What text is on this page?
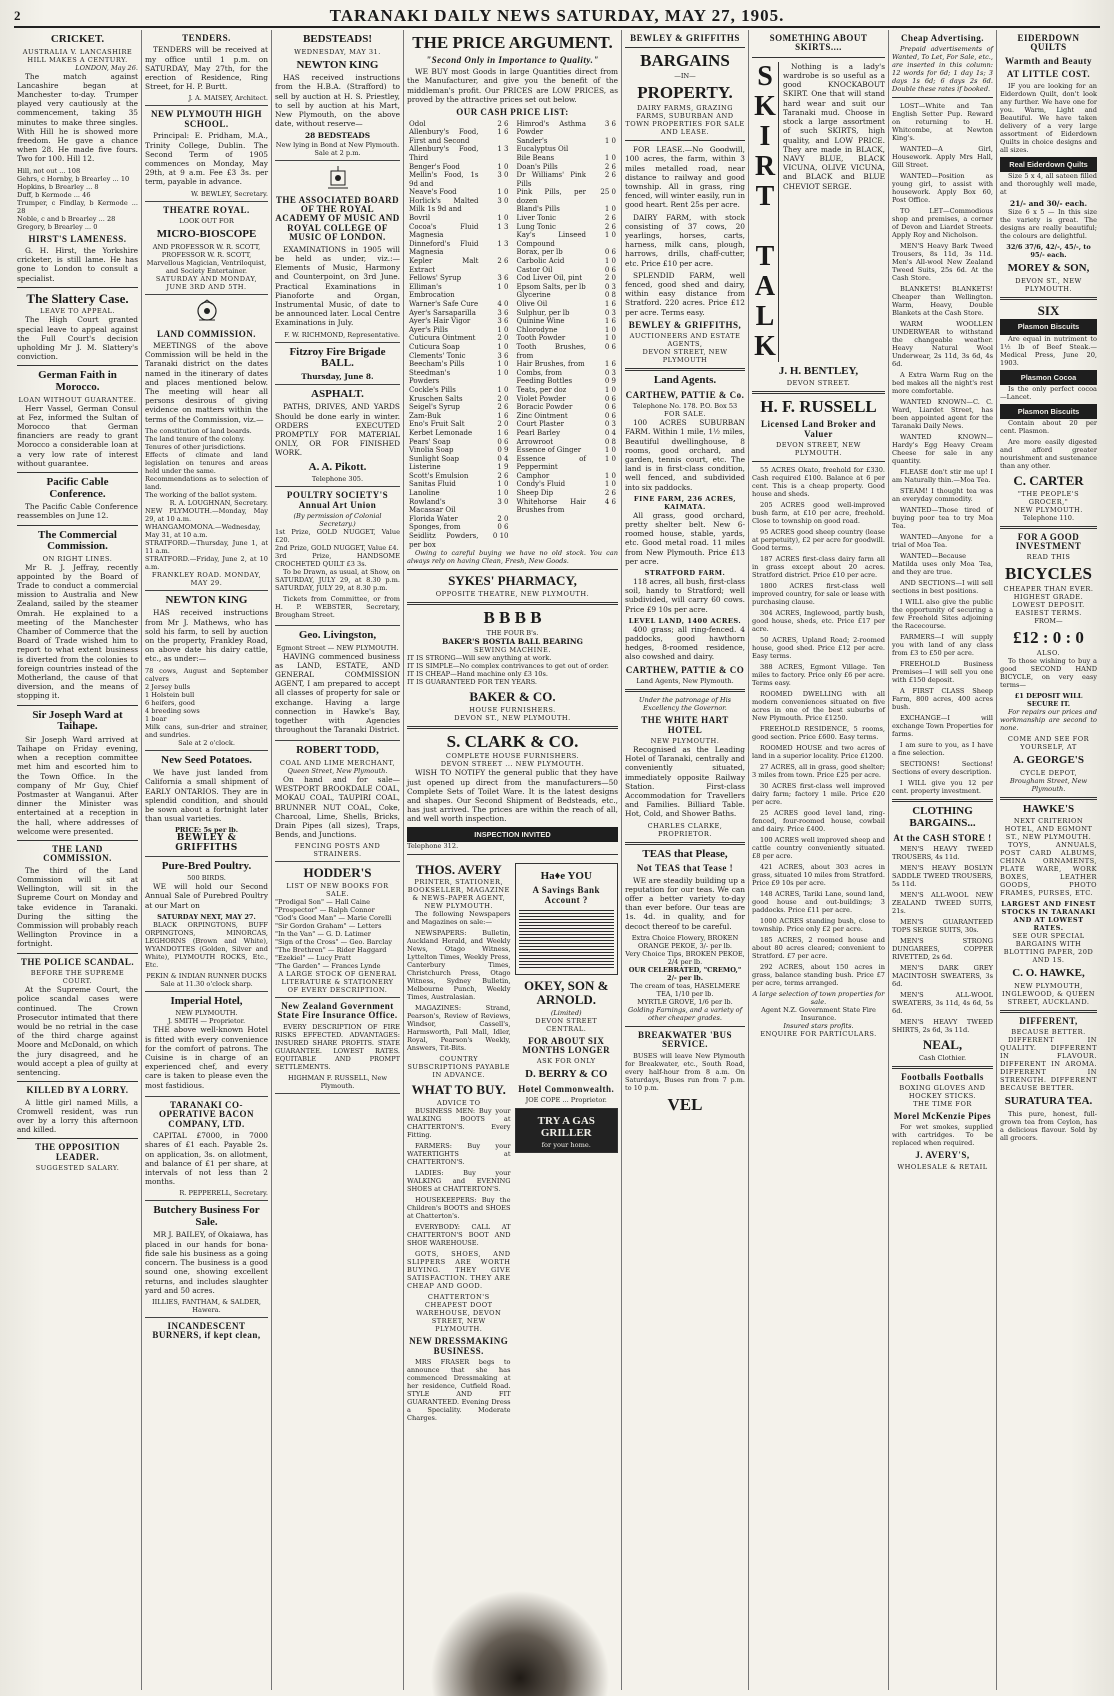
2	TARANAKI DAILY NEWS SATURDAY, MAY 27, 1905.
CRICKET.
AUSTRALIA V. LANCASHIRE
HILL MAKES A CENTURY.
LONDON, May 26.

The match against Lancashire began at Manchester to-day. Trumper played very cautiously at the commencement, taking 35 minutes to make three singles. With Hill he is showed more freedom. He gave a chance when 28. He made five fours. Two for 100. Hill 12.

Hill, not out ... 108
Gehrs, c Hornby, b Brearley ... 10
Hopkins, b Brearley ... 8
Duff, b Kermode ... 46
Trumper, c Findlay, b Kermode ... 28
Noble, c and b Brearley ... 28
Gregory, b Brearley ... 0
HIRST'S LAMENESS.

G. H. Hirst, the Yorkshire cricketer, is still lame. He has gone to London to consult a specialist.

The Slattery Case.
LEAVE TO APPEAL.

The High Court granted special leave to appeal against the Full Court's decision upholding Mr J. M. Slattery's conviction.

German Faith in Morocco.
LOAN WITHOUT GUARANTEE.

Herr Vassel, German Consul at Fez, informed the Sultan of Morocco that German financiers are ready to grant Morocco a considerable loan at a very low rate of interest without guarantee.

Pacific Cable Conference.

The Pacific Cable Conference reassembles on June 12.

The Commercial Commission.
ON RIGHT LINES.

Mr R. J. Jeffray, recently appointed by the Board of Trade to conduct a commercial mission to Australia and New Zealand, sailed by the steamer Omrah. He explained to a meeting of the Manchester Chamber of Commerce that the Board of Trade wished him to report to what extent business is diverted from the colonies to foreign countries instead of the Motherland, the cause of that diversion, and the means of stopping it.

Sir Joseph Ward at Taihape.

Sir Joseph Ward arrived at Taihape on Friday evening, when a reception committee met him and escorted him to the Town Office. In the company of Mr Guy, Chief Postmaster at Wanganui. After dinner the Minister was entertained at a reception in the hall, where addresses of welcome were presented.

THE LAND COMMISSION.

The third of the Land Commission will sit at Wellington, will sit in the Supreme Court on Monday and take evidence in Taranaki. During the sitting the Commission will probably reach Wellington Province in a fortnight.

THE POLICE SCANDAL.
BEFORE THE SUPREME COURT.

At the Supreme Court, the police scandal cases were continued. The Crown Prosecutor intimated that there would be no retrial in the case of the third charge against Moore and McDonald, on which the jury disagreed, and he would accept a plea of guilty at sentencing.

KILLED BY A LORRY.

A little girl named Mills, a Cromwell resident, was run over by a lorry this afternoon and killed.

THE OPPOSITION LEADER.
SUGGESTED SALARY.
TENDERS.

TENDERS will be received at my office until 1 p.m. on SATURDAY, May 27th, for the erection of Residence, Ring Street, for H. P. Burtt.

J. A. MAISEY, Architect.
NEW PLYMOUTH HIGH SCHOOL.

Principal: E. Pridham, M.A., Trinity College, Dublin. The Second Term of 1905 commences on Monday, May 29th, at 9 a.m. Fee £3 3s. per term, payable in advance.

W. BEWLEY, Secretary.
THEATRE ROYAL.
LOOK OUT FOR
MICRO-BIOSCOPE
AND PROFESSOR W. R. SCOTT, PROFESSOR W. R. SCOTT, Marvellous Magician, Ventriloquist, and Society Entertainer.
SATURDAY AND MONDAY, JUNE 3RD AND 5TH.
LAND COMMISSION.

MEETINGS of the above Commission will be held in the Taranaki district on the dates named in the itinerary of dates and places mentioned below. The meeting will hear all persons desirous of giving evidence on matters within the terms of the Commission, viz.—

The constitution of land boards.
The land tenure of the colony.
Tenures of other jurisdictions.
Effects of climate and land legislation on tenures and areas held under the same.
Recommendations as to selection of land.
The working of the ballot system.
R. A. LOUGHNAN, Secretary.
NEW PLYMOUTH.—Monday, May 29, at 10 a.m.
WHANGAMOMONA.—Wednesday, May 31, at 10 a.m.
STRATFORD.—Thursday, June 1, at 11 a.m.
STRATFORD.—Friday, June 2, at 10 a.m.
FRANKLEY ROAD. MONDAY, MAY 29.
NEWTON KING

HAS received instructions from Mr J. Mathews, who has sold his farm, to sell by auction on the property, Frankley Road, on above date his dairy cattle, etc., as under:—

78 cows, August and September calvers
2 Jersey bulls
1 Holstein bull
6 heifers, good
4 breeding sows
1 boar
Milk cans, sun-drier and strainer, and sundries.
Sale at 2 o'clock.
New Seed Potatoes.

We have just landed from California a small shipment of EARLY ONTARIOS. They are in splendid condition, and should be sown about a fortnight later than usual varieties.

PRICE: 5s per lb.
BEWLEY & GRIFFITHS
Pure-Bred Poultry.
500 BIRDS.

WE will hold our Second Annual Sale of Purebred Poultry at our Mart on

SATURDAY NEXT, MAY 27.

BLACK ORPINGTONS, BUFF ORPINGTONS, MINORCAS, LEGHORNS (Brown and White), WYANDOTTES (Golden, Silver and White), PLYMOUTH ROCKS, Etc., Etc.

PEKIN & INDIAN RUNNER DUCKS
Sale at 11.30 o'clock sharp.
Imperial Hotel,
NEW PLYMOUTH.
J. SMITH — Proprietor.

THE above well-known Hotel is fitted with every convenience for the comfort of patrons. The Cuisine is in charge of an experienced chef, and every care is taken to please even the most fastidious.

TARANAKI CO-OPERATIVE BACON COMPANY, LTD.

CAPITAL £7000, in 7000 shares of £1 each. Payable 2s. on application, 3s. on allotment, and balance of £1 per share, at intervals of not less than 2 months.

R. PEPPERELL, Secretary.
Butchery Business For Sale.

MR J. BAILEY, of Okaiawa, has placed in our hands for bona-fide sale his business as a going concern. The business is a good sound one, showing excellent returns, and includes slaughter yard and 50 acres.

IILLIES, FANTHAM, & SALDER, Hawera.
INCANDESCENT BURNERS, if kept clean,
BEDSTEADS!
WEDNESDAY, MAY 31.
NEWTON KING

HAS received instructions from the H.B.A. (Strafford) to sell by auction at H. S. Priestley, to sell by auction at his Mart, New Plymouth, on the above date, without reserve—

28 BEDSTEADS
New lying in Bond at New Plymouth.
Sale at 2 p.m.
THE ASSOCIATED BOARD OF THE ROYAL ACADEMY OF MUSIC AND ROYAL COLLEGE OF MUSIC OF LONDON.

EXAMINATIONS in 1905 will be held as under, viz.:— Elements of Music, Harmony and Counterpoint, on 3rd June. Practical Examinations in Pianoforte and Organ, Instrumental Music, of date to be announced later. Local Centre Examinations in July.

F. W. RICHMOND, Representative.
Fitzroy Fire Brigade BALL.
Thursday, June 8.
ASPHALT.

PATHS, DRIVES, AND YARDS Should be done early in winter. ORDERS EXECUTED PROMPTLY FOR MATERIAL ONLY, OR FOR FINISHED WORK.

A. A. Pikott.
Telephone 305.
POULTRY SOCIETY'S Annual Art Union
(By permission of Colonial Secretary.)
1st Prize, GOLD NUGGET, Value £20.
2nd Prize, GOLD NUGGET, Value £4.
3rd Prize, HANDSOME CROCHETED QUILT £3 3s.

To be Drawn, as usual, at Show, on SATURDAY, JULY 29, at 8.30 p.m. SATURDAY, JULY 29, at 8.30 p.m.

Tickets from Committee, or from H. P. WEBSTER, Secretary, Brougham Street.

Geo. Livingston,
Egmont Street — NEW PLYMOUTH.

HAVING commenced business as LAND, ESTATE, AND GENERAL COMMISSION AGENT, I am prepared to accept all classes of property for sale or exchange. Having a large connection in Hawke's Bay, together with Agencies throughout the Taranaki District.

ROBERT TODD,
COAL AND LIME MERCHANT,
Queen Street, New Plymouth.

On hand and for sale— WESTPORT BROOKDALE COAL, MOKAU COAL, TAUPIRI COAL, BRUNNER NUT COAL, Coke, Charcoal, Lime, Shells, Bricks, Drain Pipes (all sizes), Traps, Bends, and Junctions.

FENCING POSTS AND STRAINERS.
HODDER'S
LIST OF NEW BOOKS FOR SALE.
"Prodigal Son" — Hall Caine
"Prospector" — Ralph Connor
"God's Good Man" — Marie Corelli
"Sir Gordon Graham" — Letters
"In the Van" — G. D. Latimer
"Sign of the Cross" — Geo. Barclay
"The Brethren" — Rider Haggard
"Ezekiel" — Lucy Pratt
"The Garden" — Frances Lynde
A LARGE STOCK OF GENERAL LITERATURE & STATIONERY OF EVERY DESCRIPTION.
New Zealand Government State Fire Insurance Office.

EVERY DESCRIPTION OF FIRE RISKS EFFECTED. ADVANTAGES: INSURED SHARE PROFITS. STATE GUARANTEE. LOWEST RATES. EQUITABLE AND PROMPT SETTLEMENTS.

HIGHMAN F. RUSSELL, New Plymouth.
THE PRICE ARGUMENT.
"Second Only in Importance to Quality."

WE BUY most Goods in large Quantities direct from the Manufacturer, and give you the benefit of the middleman's profit. Our PRICES are LOW PRICES, as proved by the attractive prices set out below.

OUR CASH PRICE LIST:
Odol	2 6
Allenbury's Food, First and Second	1 6
Allenbury's Food, Third	1 3
Benger's Food	1 0
Mellin's Food, 1s 9d and	3 0
Neave's Food	1 0
Horlick's Malted Milk 1s 9d and	3 0
Bovril	1 0
Cocoa's Fluid Magnesia	1 3
Dinneford's Fluid Magnesia	1 3
Kepler Malt Extract	2 6
Fellows' Syrup	3 6
Elliman's Embrocation	1 0
Warner's Safe Cure	4 0
Ayer's Sarsaparilla	3 6
Ayer's Hair Vigor	3 6
Ayer's Pills	1 0
Cuticura Ointment	2 0
Cuticura Soap	1 0
Clements' Tonic	3 6
Beecham's Pills	1 0
Steedman's Powders	1 0
Cockle's Pills	1 0
Kruschen Salts	2 0
Seigel's Syrup	2 6
Zam-Buk	1 6
Eno's Fruit Salt	2 0
Kerbet Lemonade	1 6
Pears' Soap	0 6
Vinolia Soap	0 9
Sunlight Soap	0 4
Listerine	1 9
Scott's Emulsion	2 6
Sanitas Fluid	1 0
Lanoline	1 0
Rowland's Macassar Oil	3 0
Florida Water	2 0
Sponges, from	0 6
Seidlitz Powders, per box	0 10
Himrod's Asthma Powder	3 6
Sander's Eucalyptus Oil	1 0
Bile Beans	1 0
Doan's Pills	2 6
Dr Williams' Pink Pills	2 6
Pink Pills, per dozen	25 0
Bland's Pills	1 0
Liver Tonic	2 6
Lung Tonic	2 6
Kay's Linseed Compound	1 0
Borax, per lb	0 6
Carbolic Acid	1 0
Castor Oil	0 6
Cod Liver Oil, pint	2 0
Epsom Salts, per lb	0 3
Glycerine	0 8
Olive Oil	1 6
Sulphur, per lb	0 3
Quinine Wine	1 6
Chlorodyne	1 0
Tooth Powder	1 0
Tooth Brushes, from	0 6
Hair Brushes, from	1 6
Combs, from	0 3
Feeding Bottles	0 9
Teats, per doz	1 0
Violet Powder	0 6
Boracic Powder	0 6
Zinc Ointment	0 6
Court Plaster	0 3
Pearl Barley	0 4
Arrowroot	0 8
Essence of Ginger	1 0
Essence of Peppermint	1 0
Camphor	1 0
Condy's Fluid	1 0
Sheep Dip	2 6
Whitehorse Hair Brushes from	4 6

Owing to careful buying we have no old stock. You can always rely on having Clean, Fresh, New Goods.

SYKES' PHARMACY,
OPPOSITE THEATRE, NEW PLYMOUTH.
B B B B
THE FOUR B's.
BAKER'S BOSTIA BALL BEARING
SEWING MACHINE.
IT IS STRONG—Will sew anything at work.
IT IS SIMPLE—No complex contrivances to get out of order.
IT IS CHEAP—Hand machine only £3 10s.
IT IS GUARANTEED FOR TEN YEARS.
BAKER & CO.
HOUSE FURNISHERS.
DEVON ST., NEW PLYMOUTH.
S. CLARK & CO.
COMPLETE HOUSE FURNISHERS.
DEVON STREET ... NEW PLYMOUTH.

WISH TO NOTIFY the general public that they have just opened up direct from the manufacturers—50 Complete Sets of Toilet Ware. It is the latest designs and shapes. Our Second Shipment of Bedsteads, etc., has just arrived. The prices are within the reach of all, and well worth inspection.

INSPECTION INVITED
Telephone 312.
THOS. AVERY
PRINTER, STATIONER, BOOKSELLER, MAGAZINE & NEWS-PAPER AGENT,
NEW PLYMOUTH.

The following Newspapers and Magazines on sale:—

NEWSPAPERS: Bulletin, Auckland Herald, and Weekly News, Otago Witness, Lyttelton Times, Weekly Press, Canterbury Times, Christchurch Press, Otago Witness, Sydney Bulletin, Melbourne Punch, Weekly Times, Australasian.

MAGAZINES: Strand, Pearson's, Review of Reviews, Windsor, Cassell's, Harmsworth, Pall Mall, Idler, Royal, Pearson's Weekly, Answers, Tit-Bits.

COUNTRY SUBSCRIPTIONS PAYABLE IN ADVANCE.
WHAT TO BUY.
ADVICE TO

BUSINESS MEN: Buy your WALKING BOOTS at CHATTERTON'S. Every Fitting.

FARMERS: Buy your WATERTIGHTS at CHATTERTON'S.

LADIES: Buy your WALKING and EVENING SHOES at CHATTERTON'S.

HOUSEKEEPERS: Buy the Children's BOOTS and SHOES at Chatterton's.

EVERYBODY: CALL AT CHATTERTON'S BOOT AND SHOE WAREHOUSE.

GOTS, SHOES, AND SLIPPERS ARE WORTH BUYING. THEY GIVE SATISFACTION. THEY ARE CHEAP AND GOOD.

CHATTERTON'S CHEAPEST DOOT WAREHOUSE, DEVON STREET, NEW PLYMOUTH.
NEW DRESSMAKING BUSINESS.

MRS FRASER begs to announce that she has commenced Dressmaking at her residence, Cutfield Road. STYLE AND FIT GUARANTEED. Evening Dress a Speciality. Moderate Charges.

Ha♦e YOU
A Savings Bank Account ?
OKEY, SON & ARNOLD.
(Limited)
DEVON STREET CENTRAL.
FOR ABOUT SIX MONTHS LONGER
ASK FOR ONLY
D. BERRY & CO
Hotel Commonwealth.
JOE COPE ... Proprietor.
TRY A GAS GRILLER
for your home.
BEWLEY & GRIFFITHS
BARGAINS
—IN—
PROPERTY.
DAIRY FARMS, GRAZING FARMS, SUBURBAN AND TOWN PROPERTIES FOR SALE AND LEASE.

FOR LEASE.—No Goodwill, 100 acres, the farm, within 3 miles metalled road, near distance to railway and good township. All in grass, ring fenced, will winter easily, run in good heart. Rent 25s per acre.

DAIRY FARM, with stock consisting of 37 cows, 20 yearlings, horses, carts, harness, milk cans, plough, harrows, drills, chaff-cutter, etc. Price £10 per acre.

SPLENDID FARM, well fenced, good shed and dairy, within easy distance from Stratford. 220 acres. Price £12 per acre. Terms easy.

BEWLEY & GRIFFITHS,
AUCTIONEERS AND ESTATE AGENTS,
DEVON STREET, NEW PLYMOUTH
Land Agents.
CARTHEW, PATTIE & Co.
Telephone No. 178. P.O. Box 53
FOR SALE.

100 ACRES SUBURBAN FARM. Within 1 mile, 1½ miles, Beautiful dwellinghouse, 8 rooms, good orchard, and garden, tennis court, etc. The land is in first-class condition, well fenced, and subdivided into six paddocks.

FINE FARM, 236 ACRES, KAIMATA.

All grass, good orchard, pretty shelter belt. New 6-roomed house, stable, yards, etc. Good metal road. 11 miles from New Plymouth. Price £13 per acre.

STRATFORD FARM.

118 acres, all bush, first-class soil, handy to Stratford; well subdivided, will carry 60 cows. Price £9 10s per acre.

LEVEL LAND, 1400 ACRES.

400 grass; all ring-fenced. 4 paddocks, good hawthorn hedges, 8-roomed residence, also cowshed and dairy.

CARTHEW, PATTIE & CO
Land Agents, New Plymouth.
Under the patronage of His Excellency the Governor.
THE WHITE HART HOTEL
NEW PLYMOUTH.

Recognised as the Leading Hotel of Taranaki, centrally and conveniently situated, immediately opposite Railway Station. First-class Accommodation for Travellers and Families. Billiard Table. Hot, Cold, and Shower Baths.

CHARLES CLARKE, PROPRIETOR.
TEAS that Please,
Not TEAS that Tease !

WE are steadily building up a reputation for our teas. We can offer a better variety to-day than ever before. Our teas are 1s. 4d. in quality, and for decoct thereof to be careful.

Extra Choice Flowery, BROKEN ORANGE PEKOE, 3/- per lb.
Very Choice Tips, BROKEN PEKOE, 2/4 per lb.
OUR CELEBRATED, "CREMO," 2/- per lb.
The cream of teas, HASELMERE TEA, 1/10 per lb.
MYRTLE GROVE, 1/6 per lb.
Golding Farnings, and a variety of other cheaper grades.
BREAKWATER 'BUS SERVICE.

BUSES will leave New Plymouth for Breakwater, etc., South Road, every half-hour from 8 a.m. On Saturdays, Buses run from 7 p.m. to 10 p.m.

VEL
SOMETHING ABOUT SKIRTS....
S
K
I
R
T

T
A
L
K

Nothing is a lady's wardrobe is so useful as a good KNOCKABOUT SKIRT. One that will stand hard wear and suit our Taranaki mud. Choose in stock a large assortment of such SKIRTS, high quality, and LOW PRICE. They are made in BLACK, NAVY BLUE, BLACK VICUNA, OLIVE VICUNA, and BLACK and BLUE CHEVIOT SERGE.

J. H. BENTLEY,
DEVON STREET.
H. F. RUSSELL
Licensed Land Broker and Valuer
DEVON STREET, NEW PLYMOUTH.

55 ACRES Okato, freehold for £330. Cash required £100. Balance at 6 per cent. This is a cheap property. Good house and sheds.

205 ACRES good well-improved bush farm, at £10 per acre, freehold. Close to township on good road.

95 ACRES good sheep country (lease at perpetuity), £2 per acre for goodwill. Good terms.

187 ACRES first-class dairy farm all in grass except about 20 acres. Stratford district. Price £10 per acre.

1800 ACRES first-class well improved country, for sale or lease with purchasing clause.

304 ACRES, Inglewood, partly bush, good house, sheds, etc. Price £17 per acre.

50 ACRES, Upland Road; 2-roomed house, good shed. Price £12 per acre. Easy terms.

388 ACRES, Egmont Village. Ten miles to factory. Price only £6 per acre. Terms easy.

ROOMED DWELLING with all modern conveniences situated on five acres in one of the best suburbs of New Plymouth. Price £1250.

FREEHOLD RESIDENCE, 5 rooms, good section. Price £600. Easy terms.

ROOMED HOUSE and two acres of land in a superior locality. Price £1200.

27 ACRES, all in grass, good shelter; 3 miles from town. Price £25 per acre.

30 ACRES first-class well improved dairy farm; factory 1 mile. Price £20 per acre.

25 ACRES good level land, ring-fenced, four-roomed house, cowbail and dairy. Price £400.

100 ACRES well improved sheep and cattle country conveniently situated. £8 per acre.

421 ACRES, about 303 acres in grass, situated 10 miles from Stratford. Price £9 10s per acre.

148 ACRES, Tariki Lane, sound land, good house and out-buildings; 3 paddocks. Price £11 per acre.

1000 ACRES standing bush, close to township. Price only £2 per acre.

185 ACRES, 2 roomed house and about 80 acres cleared; convenient to Stratford. £7 per acre.

292 ACRES, about 150 acres in grass, balance standing bush. Price £7 per acre, terms arranged.

A large selection of town properties for sale.
Agent N.Z. Government State Fire Insurance.
Insured stars profits.
ENQUIRE FOR PARTICULARS.
Cheap Advertising.

Prepaid advertisements of Wanted, To Let, For Sale, etc., are inserted in this column: 12 words for 6d; 1 day 1s; 3 days 1s 6d; 6 days 2s 6d. Double these rates if booked.

LOST—White and Tan English Setter Pup. Reward on returning to H. Whitcombe, at Newton King's.

WANTED—A Girl, Housework. Apply Mrs Hall, Gill Street.

WANTED—Position as young girl, to assist with housework. Apply Box 60, Post Office.

TO LET—Commodious shop and premises, a corner of Devon and Liardet Streets. Apply Roy and Nicholson.

MEN'S Heavy Bark Tweed Trousers, 8s 11d, 3s 11d. Men's All-wool New Zealand Tweed Suits, 25s 6d. At the Cash Store.

BLANKETS! BLANKETS! Cheaper than Wellington. Warm, Heavy, Double Blankets at the Cash Store.

WARM WOOLLEN UNDERWEAR to withstand the changeable weather. Heavy Natural Wool Underwear, 2s 11d, 3s 6d, 4s 6d.

A Extra Warm Rug on the bed makes all the night's rest more comfortable.

WANTED KNOWN—C. C. Ward, Liardet Street, has been appointed agent for the Taranaki Daily News.

WANTED KNOWN—Hardy's Egg Heavy Cream Cheese for sale in any quantity.

FLEASE don't stir me up! I am Naturally thin.—Moa Tea.

STEAM! I thought tea was an everyday commodity.

WANTED—Those tired of buying poor tea to try Moa Tea.

WANTED—Anyone for a trial of Moa Tea.

WANTED—Because Matilda uses only Moa Tea, and they are true.

AND SECTIONS—I will sell sections in best positions.

I WILL also give the public the opportunity of securing a few Freehold Sites adjoining the Racecourse.

FARMERS—I will supply you with land of any class from £3 to £50 per acre.

FREEHOLD Business Premises—I will sell you one with £150 deposit.

A FIRST CLASS Sheep Farm, 800 acres, 400 acres bush.

EXCHANGE—I will exchange Town Properties for farms.

I am sure to you, as I have a fine selection.

SECTIONS! Sections! Sections of every description.

I WILL give you 12 per cent. property investment.

CLOTHING BARGAINS...
At the CASH STORE !

MEN'S HEAVY TWEED TROUSERS, 4s 11d.

MEN'S HEAVY BOSLYN SADDLE TWEED TROUSERS, 5s 11d.

MEN'S ALL-WOOL NEW ZEALAND TWEED SUITS, 21s.

MEN'S GUARANTEED TOPS SERGE SUITS, 30s.

MEN'S STRONG DUNGAREES, COPPER RIVETTED, 2s 6d.

MEN'S DARK GREY MACINTOSH SWEATERS, 3s 6d.

MEN'S ALL-WOOL SWEATERS, 3s 11d, 4s 6d, 5s 6d.

MEN'S HEAVY TWEED SHIRTS, 2s 6d, 3s 11d.

NEAL,
Cash Clothier.
Footballs Footballs
BOXING GLOVES AND HOCKEY STICKS.
THE TIME FOR
Morel McKenzie Pipes

For wet smokes, supplied with cartridges. To be replaced when required.

J. AVERY'S,
WHOLESALE & RETAIL
EIDERDOWN QUILTS
Warmth and Beauty
AT LITTLE COST.

IF you are looking for an Eiderdown Quilt, don't look any further. We have one for you. Warm, Light and Beautiful. We have taken delivery of a very large assortment of Eiderdown Quilts in choice designs and all sizes.

Real Eiderdown Quilts

Size 5 x 4, all sateen filled and thoroughly well made, at

21/- and 30/- each.

Size 6 x 5 — In this size the variety is great. The designs are really beautiful; the colours are delightful.

32/6 37/6, 42/-, 45/-, to 95/- each.
MOREY & SON,
DEVON ST., NEW PLYMOUTH.
SIX
Plasmon Biscuits

Are equal in nutriment to 1½ lb of Beef Steak.—Medical Press, June 20, 1903.

Plasmon Cocoa

Is the only perfect cocoa—Lancet.

Plasmon Biscuits

Contain about 20 per cent. Plasmon.

Are more easily digested and afford greater nourishment and sustenance than any other.

C. CARTER
"THE PEOPLE'S GROCER,"
NEW PLYMOUTH.
Telephone 110.
FOR A GOOD INVESTMENT
READ THIS
BICYCLES
CHEAPER THAN EVER.
HIGHEST GRADE. LOWEST DEPOSIT. EASIEST TERMS.
FROM—
£12 : 0 : 0
ALSO.

To those wishing to buy a good SECOND HAND BICYCLE, on very easy terms—

£1 DEPOSIT WILL SECURE IT.

For repairs our prices and workmanship are second to none.

COME AND SEE FOR YOURSELF, AT
A. GEORGE'S
CYCLE DEPOT,
Brougham Street, New Plymouth.
HAWKE'S
NEXT CRITERION HOTEL, AND EGMONT ST., NEW PLYMOUTH.

TOYS, ANNUALS, POST CARD ALBUMS, CHINA ORNAMENTS, PLATE WARE, WORK BOXES, LEATHER GOODS, PHOTO FRAMES, PURSES, ETC.

LARGEST AND FINEST STOCKS IN TARANAKI AND AT LOWEST RATES.
SEE OUR SPECIAL BARGAINS WITH BLOTTING PAPER, 20D AND 1S.
C. O. HAWKE,
NEW PLYMOUTH, INGLEWOOD, & QUEEN STREET, AUCKLAND.
DIFFERENT,
BECAUSE BETTER.

DIFFERENT IN QUALITY. DIFFERENT IN FLAVOUR. DIFFERENT IN AROMA. DIFFERENT IN STRENGTH. DIFFERENT BECAUSE BETTER.

SURATURA TEA.

This pure, honest, full-grown tea from Ceylon, has a delicious flavour. Sold by all grocers.
